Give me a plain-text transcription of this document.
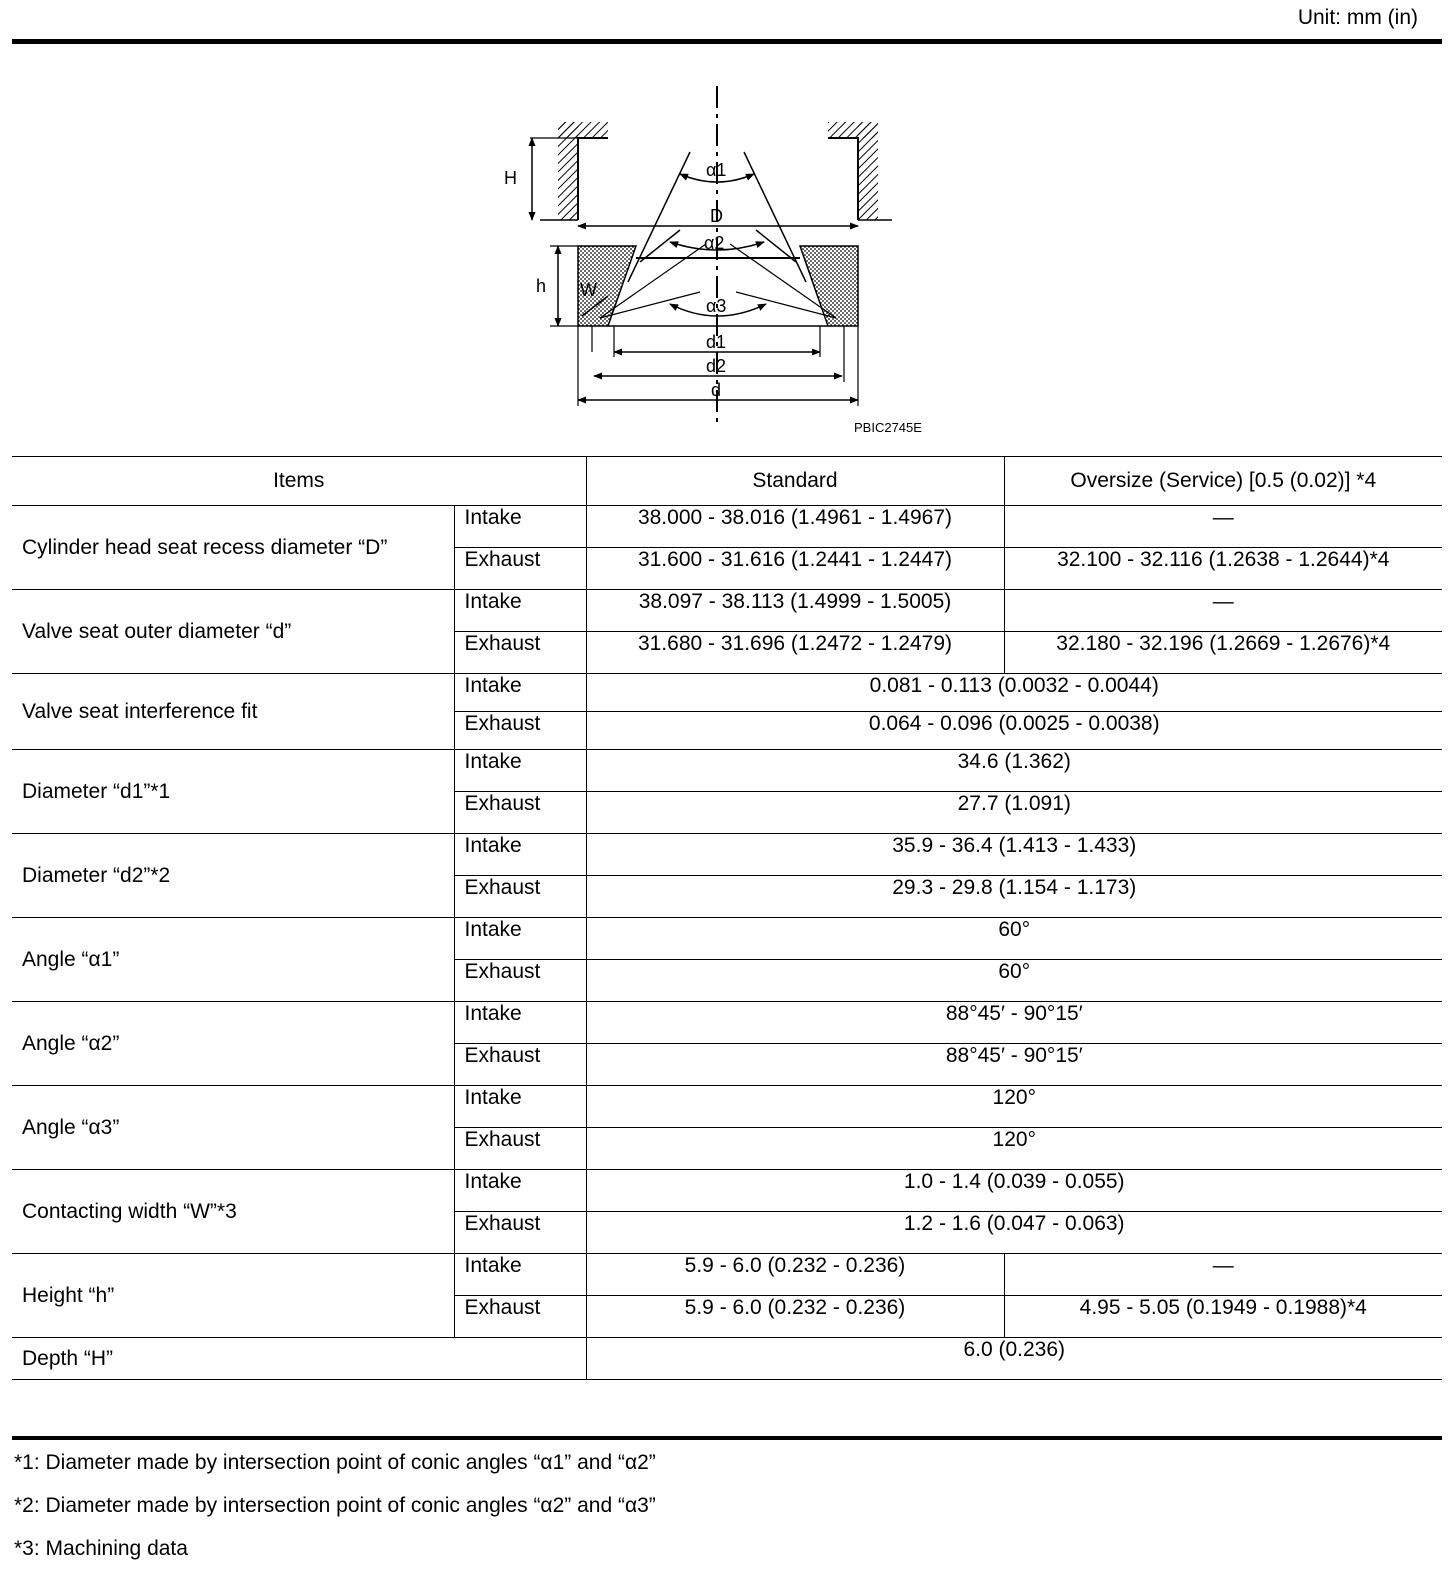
Unit: mm (in)
H
D
α1
α2
α3
h W
d1
d2
d
PBIC2745E
Items		Standard	Oversize (Service) [0.5 (0.02)] *4
Cylinder head seat recess diameter “D”	Intake	38.000 - 38.016 (1.4961 - 1.4967)	—
	Exhaust	31.600 - 31.616 (1.2441 - 1.2447)	32.100 - 32.116 (1.2638 - 1.2644)*4
Valve seat outer diameter “d”	Intake	38.097 - 38.113 (1.4999 - 1.5005)	—
	Exhaust	31.680 - 31.696 (1.2472 - 1.2479)	32.180 - 32.196 (1.2669 - 1.2676)*4
Valve seat interference fit	Intake	0.081 - 0.113 (0.0032 - 0.0044)	
	Exhaust	0.064 - 0.096 (0.0025 - 0.0038)	
Diameter “d1”*1	Intake	34.6 (1.362)	
	Exhaust	27.7 (1.091)	
Diameter “d2”*2	Intake	35.9 - 36.4 (1.413 - 1.433)	
	Exhaust	29.3 - 29.8 (1.154 - 1.173)	
Angle “α1”	Intake	60°	
	Exhaust	60°	
Angle “α2”	Intake	88°45′ - 90°15′	
	Exhaust	88°45′ - 90°15′	
Angle “α3”	Intake	120°	
	Exhaust	120°	
Contacting width “W”*3	Intake	1.0 - 1.4 (0.039 - 0.055)	
	Exhaust	1.2 - 1.6 (0.047 - 0.063)	
Height “h”	Intake	5.9 - 6.0 (0.232 - 0.236)	—
	Exhaust	5.9 - 6.0 (0.232 - 0.236)	4.95 - 5.05 (0.1949 - 0.1988)*4
Depth “H”		6.0 (0.236)	
*1: Diameter made by intersection point of conic angles “α1” and “α2”
*2: Diameter made by intersection point of conic angles “α2” and “α3”
*3: Machining data
